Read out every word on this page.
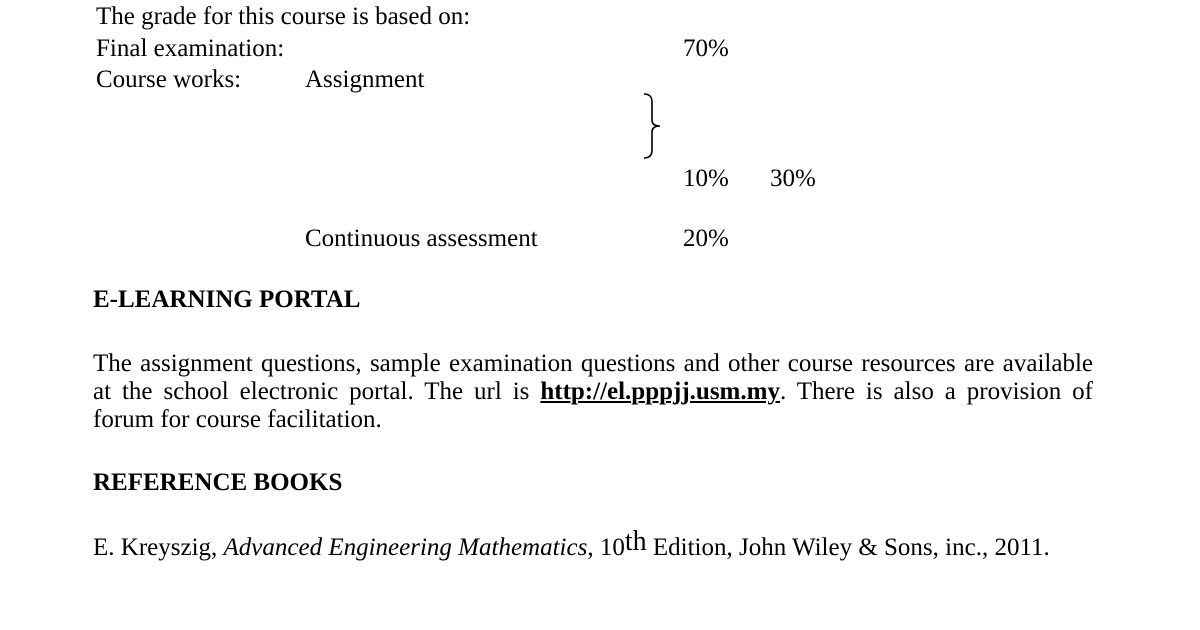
The grade for this course is based on:
Final examination:	70%
Course works:	Assignment
10% 30%
Continuous assessment	20%
E-LEARNING PORTAL
The assignment questions, sample examination questions and other course resources are available at the school electronic portal. The url is http://el.pppjj.usm.my. There is also a provision of forum for course facilitation.
REFERENCE BOOKS
E. Kreyszig, Advanced Engineering Mathematics, 10th Edition, John Wiley & Sons, inc., 2011.
